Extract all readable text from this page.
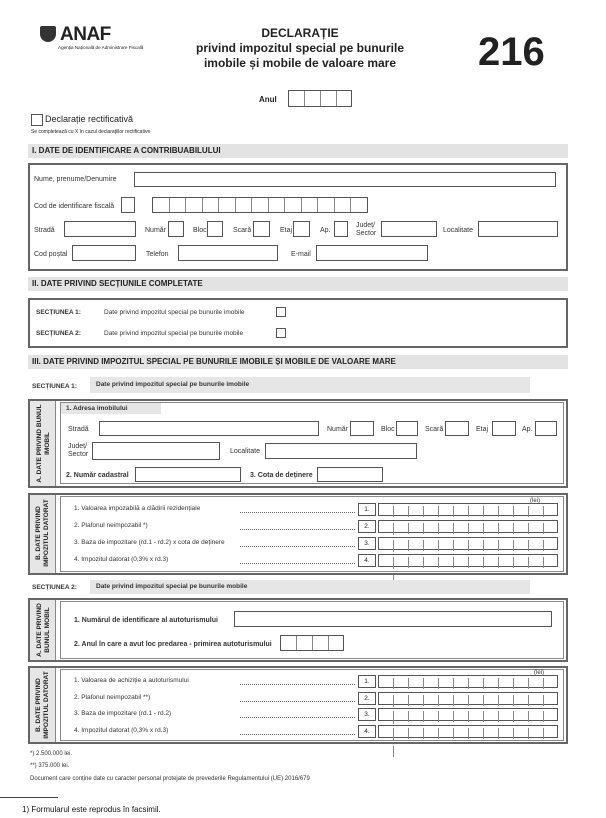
ANAF
Agenția Națională de Administrare Fiscală
DECLARAȚIE
privind impozitul special pe bunurile
imobile și mobile de valoare mare	216
Anul
Declarație rectificativă
Se completează cu X în cazul declarațiilor rectificative
I. DATE DE IDENTIFICARE A CONTRIBUABILULUI
Nume, prenume/Denumire
Cod de identificare fiscală
Stradă	Număr	Bloc	Scară	Etaj	Ap.
Județ/ Sector	Localitate
Cod poștal	Telefon	E-mail
II. DATE PRIVIND SECȚIUNILE COMPLETATE
SECȚIUNEA 1:	Date privind impozitul special pe bunurile imobile
SECȚIUNEA 2:	Date privind impozitul special pe bunurile mobile
III. DATE PRIVIND IMPOZITUL SPECIAL PE BUNURILE IMOBILE ȘI MOBILE DE VALOARE MARE
SECȚIUNEA 1:	Date privind impozitul special pe bunurile imobile
A. DATE PRIVIND BUNUL IMOBIL
1. Adresa imobilului
Stradă	Număr	Bloc	Scară	Etaj	Ap.
Județ/ Sector	Localitate
2. Număr cadastral	3. Cota de deținere
B. DATE PRIVIND IMPOZITUL DATORAT	(lei)
1. Valoarea impozabilă a clădirii rezidențiale	1.
2. Plafonul neimpozabil *)	2.
3. Baza de impozitare (rd.1 - rd.2) x cota de deținere	3.
4. Impozitul datorat (0,3% x rd.3)	4.
SECȚIUNEA 2:	Date privind impozitul special pe bunurile mobile
A. DATE PRIVIND BUNUL MOBIL	1. Numărul de identificare al autoturismului
2. Anul în care a avut loc predarea - primirea autoturismului
B. DATE PRIVIND IMPOZITUL DATORAT	(lei)
1. Valoarea de achiziție a autoturismului	1.
2. Plafonul neimpozabil **)	2.
3. Baza de impozitare (rd.1 - rd.2)	3.
4. Impozitul datorat (0,3% x rd.3)	4.
*) 2.500.000 lei.
**) 375.000 lei.
Document care conține date cu caracter personal protejate de prevederile Regulamentului (UE) 2016/679
1) Formularul este reprodus în facsimil.
